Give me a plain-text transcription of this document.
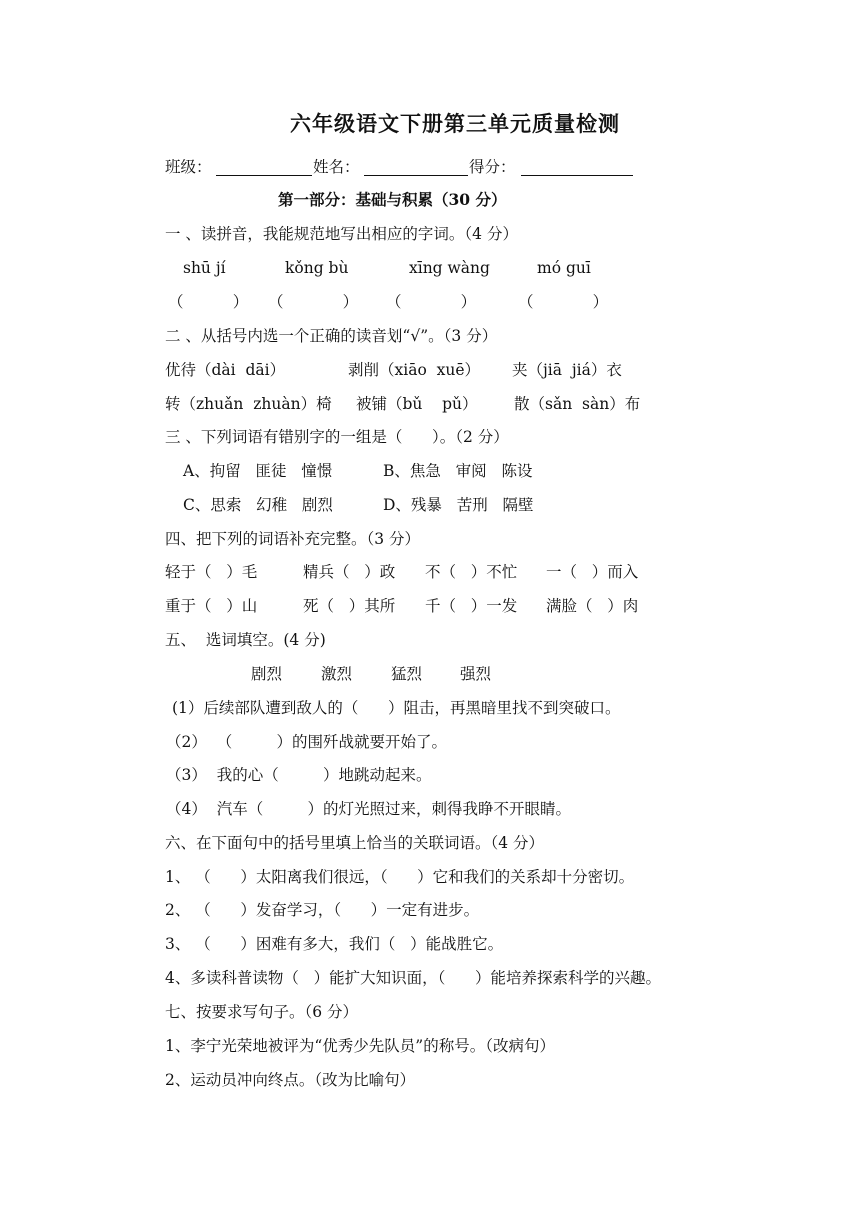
六年级语文下册第三单元质量检测
班级：	姓名：	得分：
第一部分：基础与积累（30 分）
一 、读拼音，我能规范地写出相应的字词。（4 分）
shū jí	kǒng bù	xīng wàng	mó guī
（          ） （            ） （            ）	（            ）
二 、从括号内选一个正确的读音划“√”。（3 分）
优待（dài  dāi）	剥削（xiāo  xuē） 夹（jiā  jiá）衣
转（zhuǎn  zhuàn）椅 被铺（bǔ    pǔ） 散（sǎn  sàn）布
三 、下列词语有错别字的一组是（      ）。（2 分）
A、拘留   匪徒   憧憬	B、焦急   审阅   陈设
C、思索   幻稚   剧烈	D、残暴   苦刑   隔壁
四、把下列的词语补充完整。（3 分）
轻于（   ）毛	精兵（   ）政 不（   ）不忙 一（   ）而入
重于（   ）山	死（   ）其所 千（   ）一发 满脸（   ）肉
五、  选词填空。(4 分)
剧烈	激烈	猛烈 强烈
(1）后续部队遭到敌人的（      ）阻击，再黑暗里找不到突破口。
（2）  （         ）的围歼战就要开始了。
（3）  我的心（         ）地跳动起来。
（4）  汽车（         ）的灯光照过来，刺得我睁不开眼睛。
六、在下面句中的括号里填上恰当的关联词语。（4 分）
1、 （      ）太阳离我们很远，（      ）它和我们的关系却十分密切。
2、 （      ）发奋学习，（      ）一定有进步。
3、 （      ）困难有多大，我们（   ）能战胜它。
4、多读科普读物（   ）能扩大知识面，（      ）能培养探索科学的兴趣。
七、按要求写句子。（6 分）
1、李宁光荣地被评为“优秀少先队员”的称号。（改病句）
2、运动员冲向终点。（改为比喻句）
